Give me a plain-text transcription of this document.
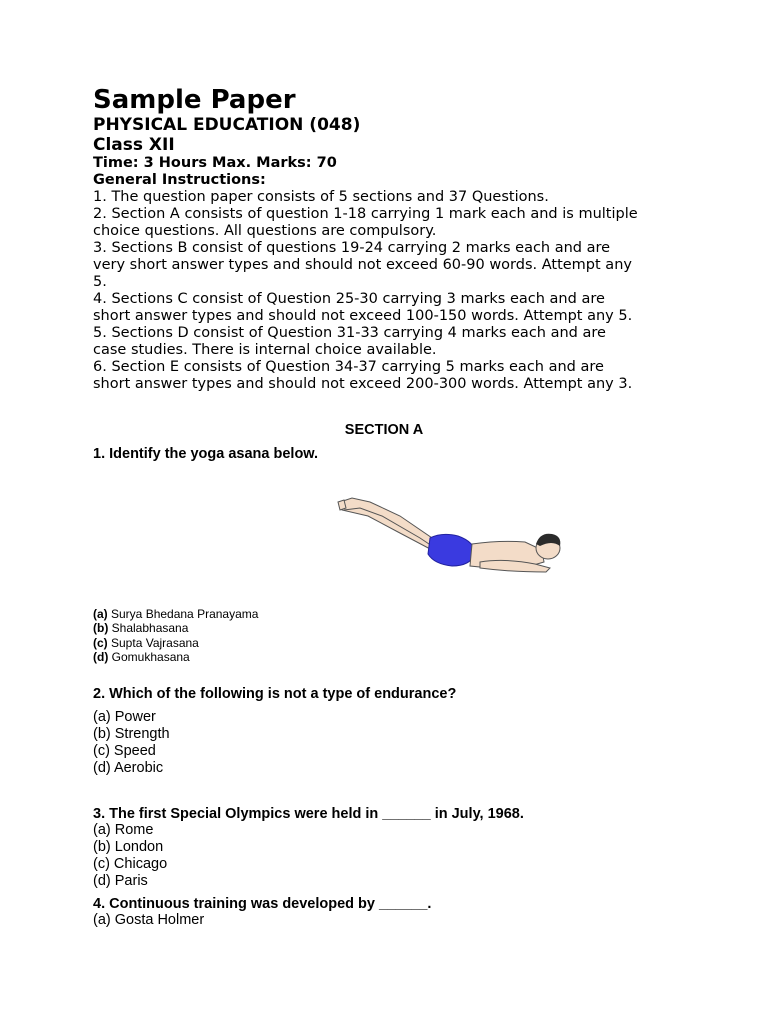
Sample Paper
PHYSICAL EDUCATION (048)
Class XII
Time: 3 Hours Max. Marks: 70
General Instructions:
1. The question paper consists of 5 sections and 37 Questions.
2. Section A consists of question 1-18 carrying 1 mark each and is multiple
choice questions. All questions are compulsory.
3. Sections B consist of questions 19-24 carrying 2 marks each and are
very short answer types and should not exceed 60-90 words. Attempt any
5.
4. Sections C consist of Question 25-30 carrying 3 marks each and are
short answer types and should not exceed 100-150 words. Attempt any 5.
5. Sections D consist of Question 31-33 carrying 4 marks each and are
case studies. There is internal choice available.
6. Section E consists of Question 34-37 carrying 5 marks each and are
short answer types and should not exceed 200-300 words. Attempt any 3.
SECTION A
1. Identify the yoga asana below.
(a) Surya Bhedana Pranayama
(b) Shalabhasana
(c) Supta Vajrasana
(d) Gomukhasana
2. Which of the following is not a type of endurance?
(a) Power
(b) Strength
(c) Speed
(d) Aerobic
3. The first Special Olympics were held in ______ in July, 1968.
(a) Rome
(b) London
(c) Chicago
(d) Paris
4. Continuous training was developed by ______.
(a) Gosta Holmer
